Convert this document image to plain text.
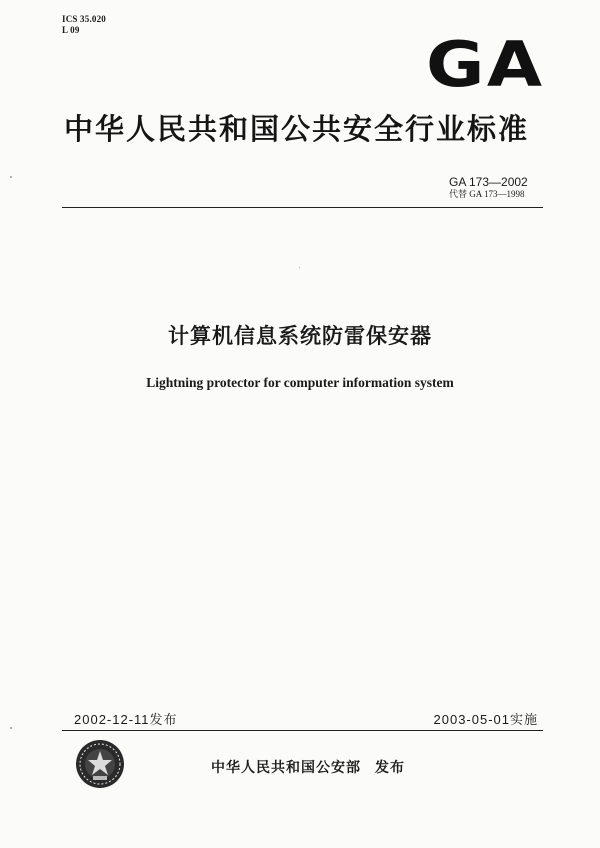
ICS 35.020
L 09	GA
中华人民共和国公共安全行业标准
GA 173—2002
代替 GA 173—1998
计算机信息系统防雷保安器
Lightning protector for computer information system
2002-12-11发布	2003-05-01实施
中华人民共和国公安部 发布
